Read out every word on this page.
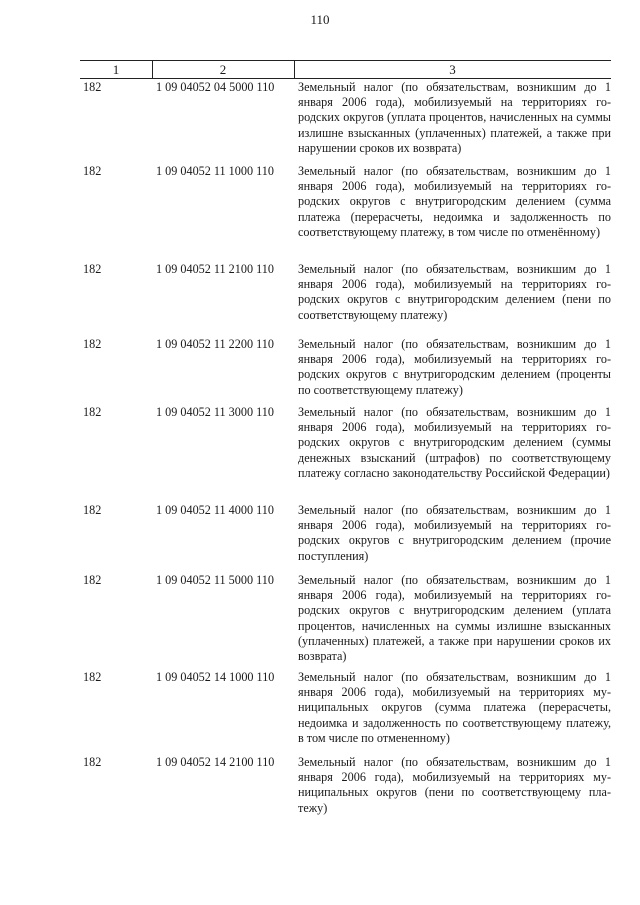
110
1	2	3
182	1 09 04052 04 5000 110	Земельный налог (по обязательствам, возникшим до 1 января 2006 года), мобилизуемый на территориях городских округов (уплата процентов, начисленных на суммы излишне взысканных (уплаченных) платежей, а также при нарушении сроков их возврата)
182	1 09 04052 11 1000 110	Земельный налог (по обязательствам, возникшим до 1 января 2006 года), мобилизуемый на территориях городских округов с внутригородским делением (сумма платежа (перерасчеты, недоимка и задолженность по соответствующему платежу, в том числе по отменённому)
182	1 09 04052 11 2100 110	Земельный налог (по обязательствам, возникшим до 1 января 2006 года), мобилизуемый на территориях городских округов с внутригородским делением (пени по соответствующему платежу)
182	1 09 04052 11 2200 110	Земельный налог (по обязательствам, возникшим до 1 января 2006 года), мобилизуемый на территориях городских округов с внутригородским делением (проценты по соответствующему платежу)
182	1 09 04052 11 3000 110	Земельный налог (по обязательствам, возникшим до 1 января 2006 года), мобилизуемый на территориях городских округов с внутригородским делением (суммы денежных взысканий (штрафов) по соответствующему платежу согласно законодательству Российской Федерации)
182	1 09 04052 11 4000 110	Земельный налог (по обязательствам, возникшим до 1 января 2006 года), мобилизуемый на территориях городских округов с внутригородским делением (прочие поступления)
182	1 09 04052 11 5000 110	Земельный налог (по обязательствам, возникшим до 1 января 2006 года), мобилизуемый на территориях городских округов с внутригородским делением (уплата процентов, начисленных на суммы излишне взысканных (уплаченных) платежей, а также при нарушении сроков их возврата)
182	1 09 04052 14 1000 110	Земельный налог (по обязательствам, возникшим до 1 января 2006 года), мобилизуемый на территориях муниципальных округов (сумма платежа (перерасчеты, недоимка и задолженность по соответствующему платежу, в том числе по отмененному)
182	1 09 04052 14 2100 110	Земельный налог (по обязательствам, возникшим до 1 января 2006 года), мобилизуемый на территориях муниципальных округов (пени по соответствующему платежу)
